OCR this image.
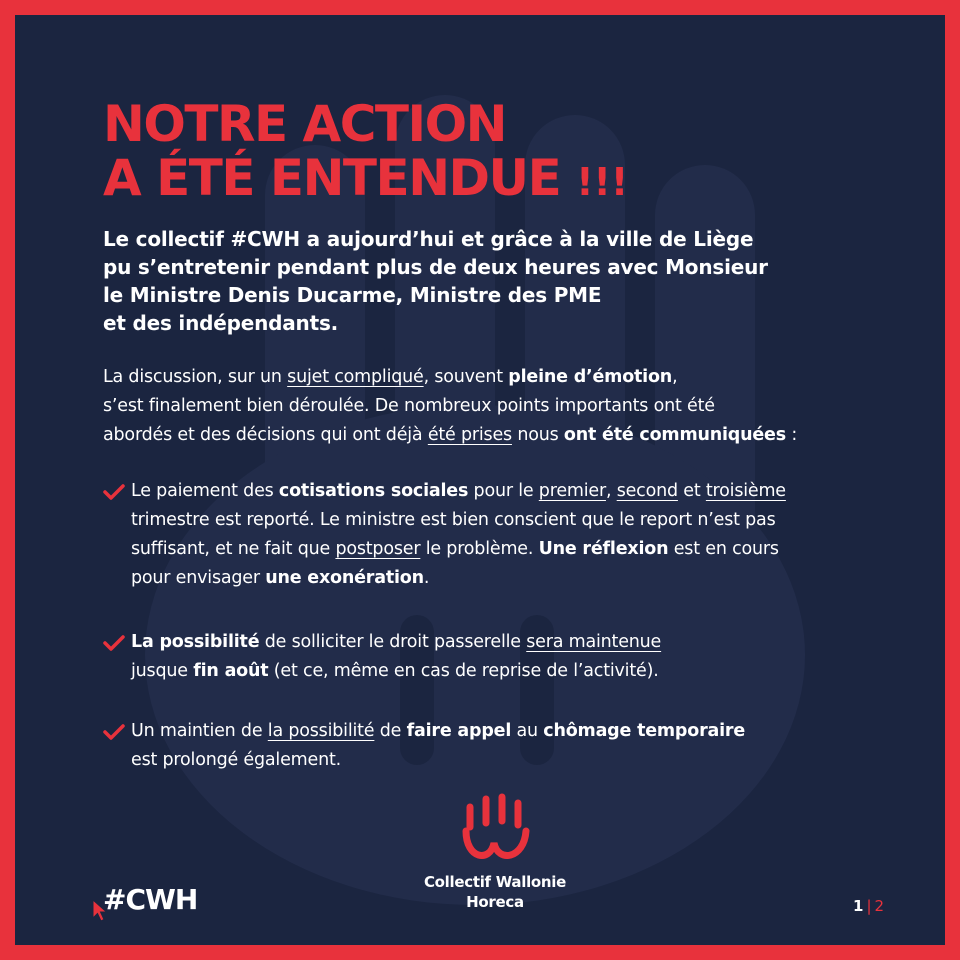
NOTRE ACTION
A ÉTÉ ENTENDUE !!!
Le collectif #CWH a aujourd’hui et grâce à la ville de Liège
pu s’entretenir pendant plus de deux heures avec Monsieur
le Ministre Denis Ducarme, Ministre des PME
et des indépendants.
La discussion, sur un sujet compliqué, souvent pleine d’émotion,
s’est finalement bien déroulée. De nombreux points importants ont été
abordés et des décisions qui ont déjà été prises nous ont été communiquées :
Le paiement des cotisations sociales pour le premier, second et troisième
trimestre est reporté. Le ministre est bien conscient que le report n’est pas
suffisant, et ne fait que postposer le problème. Une réflexion est en cours
pour envisager une exonération.
La possibilité de solliciter le droit passerelle sera maintenue
jusque fin août (et ce, même en cas de reprise de l’activité).
Un maintien de la possibilité de faire appel au chômage temporaire
est prolongé également.
Collectif Wallonie
Horeca
#CWH	1 | 2
